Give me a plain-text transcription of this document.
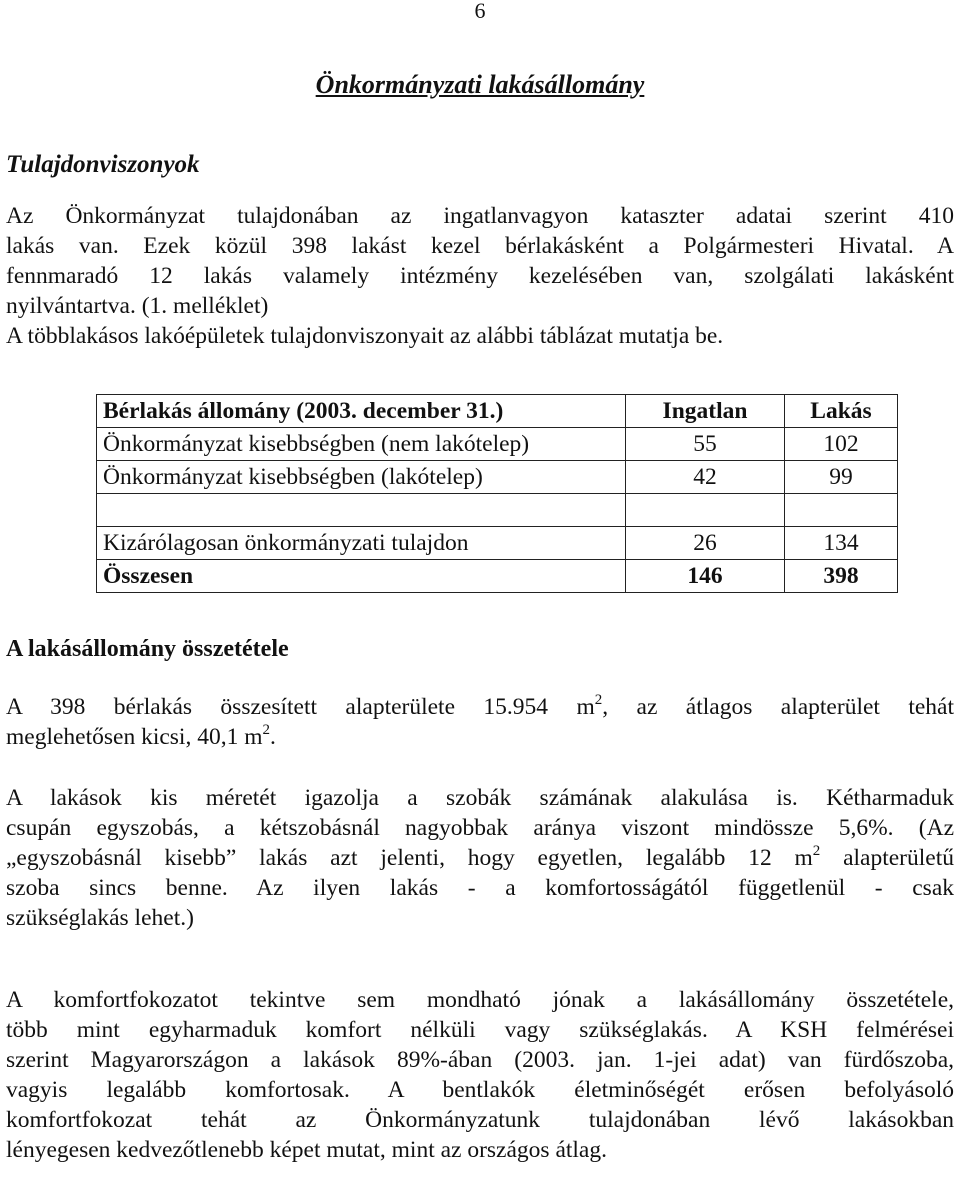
6
Önkormányzati lakásállomány
Tulajdonviszonyok
Az Önkormányzat tulajdonában az ingatlanvagyon kataszter adatai szerint 410
lakás van. Ezek közül 398 lakást kezel bérlakásként a Polgármesteri Hivatal. A
fennmaradó 12 lakás valamely intézmény kezelésében van, szolgálati lakásként
nyilvántartva. (1. melléklet)
A többlakásos lakóépületek tulajdonviszonyait az alábbi táblázat mutatja be.
Bérlakás állomány (2003. december 31.)	Ingatlan	Lakás
Önkormányzat kisebbségben (nem lakótelep)	55	102
Önkormányzat kisebbségben (lakótelep)	42	99

Kizárólagosan önkormányzati tulajdon	26	134
Összesen	146	398
A lakásállomány összetétele
A 398 bérlakás összesített alapterülete 15.954 $m^2$, az átlagos alapterület tehát
meglehetősen kicsi, 40,1 $m^2$.
A lakások kis méretét igazolja a szobák számának alakulása is. Kétharmaduk
csupán egyszobás, a kétszobásnál nagyobbak aránya viszont mindössze 5,6%. (Az
„egyszobásnál kisebb” lakás azt jelenti, hogy egyetlen, legalább 12 $m^2$ alapterületű
szoba sincs benne. Az ilyen lakás - a komfortosságától függetlenül - csak
szükséglakás lehet.)
A komfortfokozatot tekintve sem mondható jónak a lakásállomány összetétele,
több mint egyharmaduk komfort nélküli vagy szükséglakás. A KSH felmérései
szerint Magyarországon a lakások 89%-ában (2003. jan. 1-jei adat) van fürdőszoba,
vagyis legalább komfortosak. A bentlakók életminőségét erősen befolyásoló
komfortfokozat tehát az Önkormányzatunk tulajdonában lévő lakásokban
lényegesen kedvezőtlenebb képet mutat, mint az országos átlag.
